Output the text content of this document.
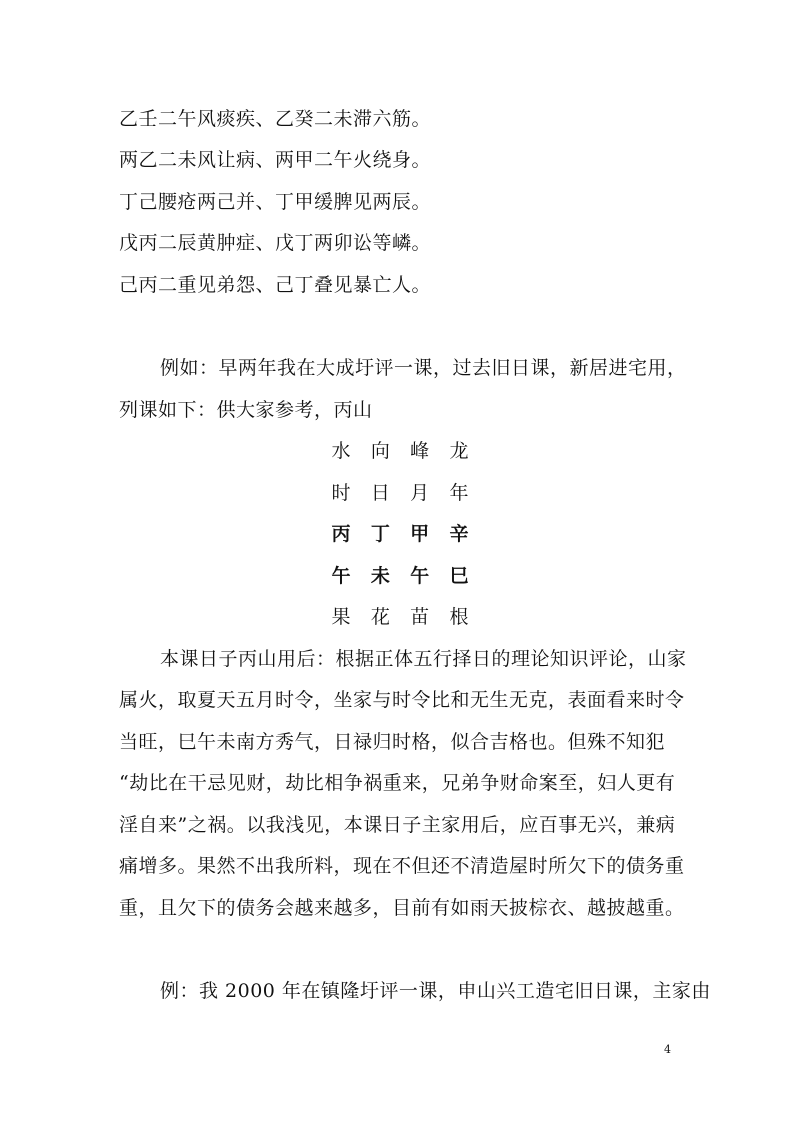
乙壬二午风痰疾、乙癸二未滞六筋。
两乙二未风让病、两甲二午火绕身。
丁己腰疮两己并、丁甲缓脾见两辰。
戊丙二辰黄肿症、戊丁两卯讼等嶙。
己丙二重见弟怨、己丁叠见暴亡人。
例如：早两年我在大成圩评一课，过去旧日课，新居进宅用，
列课如下：供大家参考，丙山
水 向 峰 龙
时 日 月 年
丙 丁 甲 辛
午 未 午 巳
果 花 苗 根
本课日子丙山用后：根据正体五行择日的理论知识评论，山家
属火，取夏天五月时令，坐家与时令比和无生无克，表面看来时令
当旺，巳午未南方秀气，日禄归时格，似合吉格也。但殊不知犯
“劫比在干忌见财，劫比相争祸重来，兄弟争财命案至，妇人更有
淫自来”之祸。以我浅见，本课日子主家用后，应百事无兴，兼病
痛增多。果然不出我所料，现在不但还不清造屋时所欠下的债务重
重，且欠下的债务会越来越多，目前有如雨天披棕衣、越披越重。
例：我 2000 年在镇隆圩评一课，申山兴工造宅旧日课，主家由
4
